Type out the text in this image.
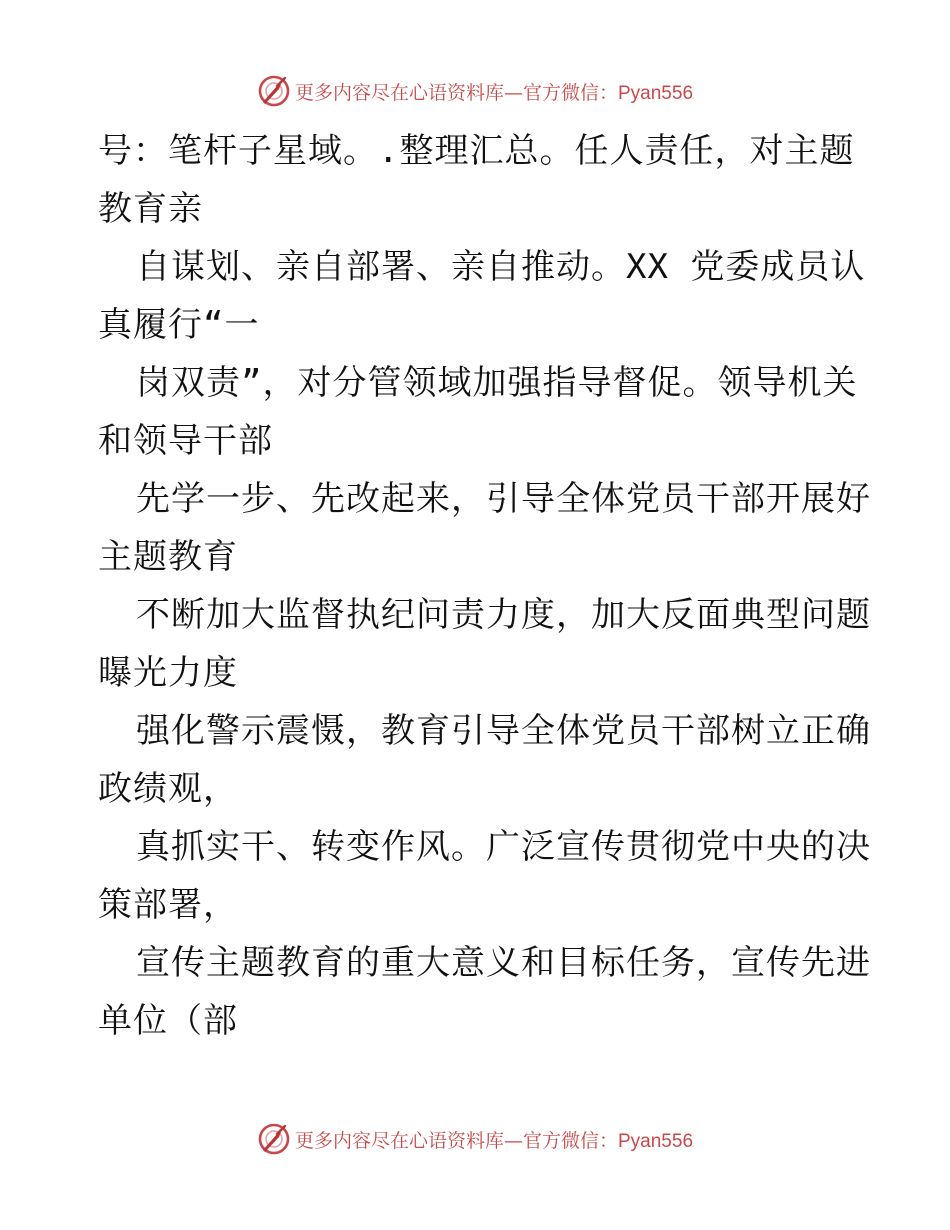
更多内容尽在心语资料库—官方微信：Pyan556
号：笔杆子星域。.整理汇总。任人责任，对主题
教育亲
自谋划、亲自部署、亲自推动。XX 党委成员认
真履行“一
岗双责”，对分管领域加强指导督促。领导机关
和领导干部
先学一步、先改起来，引导全体党员干部开展好
主题教育
不断加大监督执纪问责力度，加大反面典型问题
曝光力度
强化警示震慑，教育引导全体党员干部树立正确
政绩观，
真抓实干、转变作风。广泛宣传贯彻党中央的决
策部署，
宣传主题教育的重大意义和目标任务，宣传先进
单位（部
更多内容尽在心语资料库—官方微信：Pyan556
